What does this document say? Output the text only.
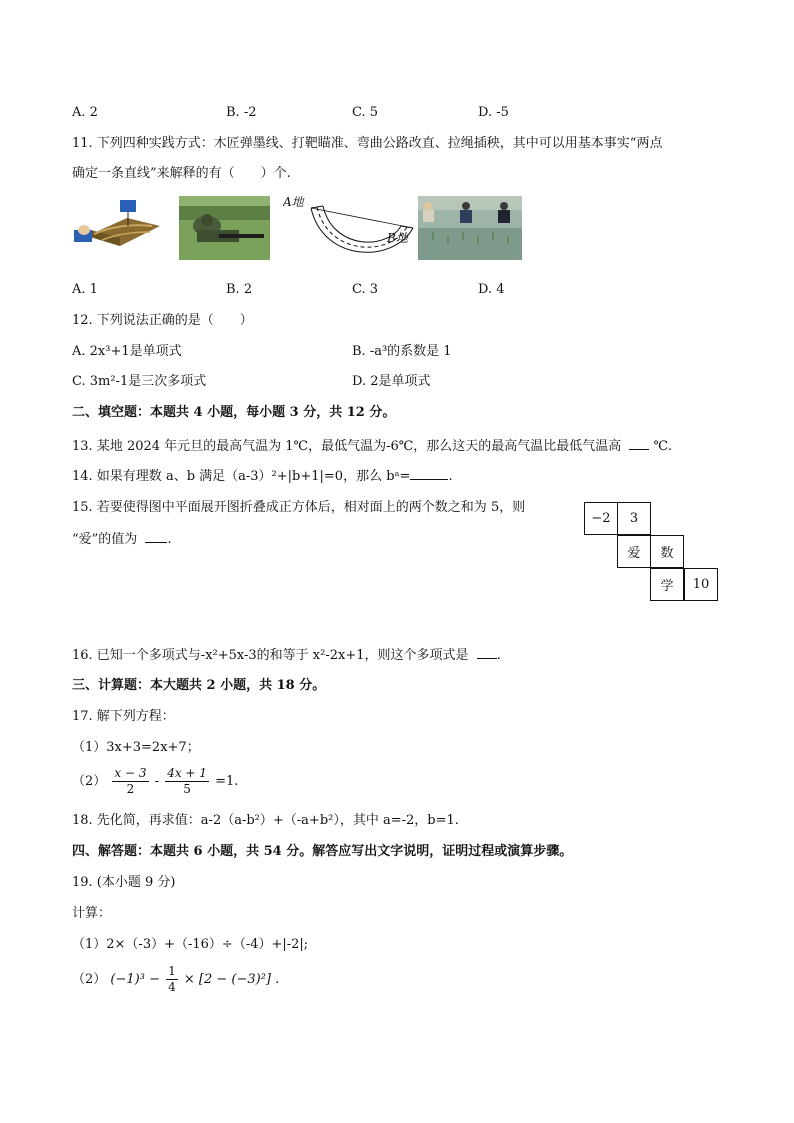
A. 2	B. -2	C. 5	D. -5
11. 下列四种实践方式：木匠弹墨线、打靶瞄准、弯曲公路改直、拉绳插秧，其中可以用基本事实“两点
确定一条直线”来解释的有（　　）个.
A地
B地
A. 1	B. 2	C. 3	D. 4
12. 下列说法正确的是（　　）
A. 2x³+1是单项式	B. -a³的系数是 1
C. 3m²-1是三次多项式	D. 2是单项式
二、填空题：本题共 4 小题，每小题 3 分，共 12 分。
13. 某地 2024 年元旦的最高气温为 1℃，最低气温为-6℃，那么这天的最高气温比最低气温高 ℃.
14. 如果有理数 a、b 满足（a-3）²+|b+1|=0，那么 bᵃ=	.
15. 若要使得图中平面展开图折叠成正方体后，相对面上的两个数之和为 5，则
“爱”的值为 .
−2	3
爱	数
学	10
16. 已知一个多项式与-x²+5x-3的和等于 x²-2x+1，则这个多项式是 .
三、计算题：本大题共 2 小题，共 18 分。
17. 解下列方程：
（1）3x+3=2x+7；
$(2) \frac{x - 3}{2} - \frac{4x + 1}{5} =1$.
18. 先化简，再求值：a-2（a-b²）+（-a+b²），其中 a=-2，b=1.
四、解答题：本题共 6 小题，共 54 分。解答应写出文字说明，证明过程或演算步骤。
19. (本小题 9 分)
计算：
（1）2×（-3）+（-16）÷（-4）+|-2|;
（2） $(-1)^3 - \frac{1}{4} \times [2 - (-3)^2]$ .
